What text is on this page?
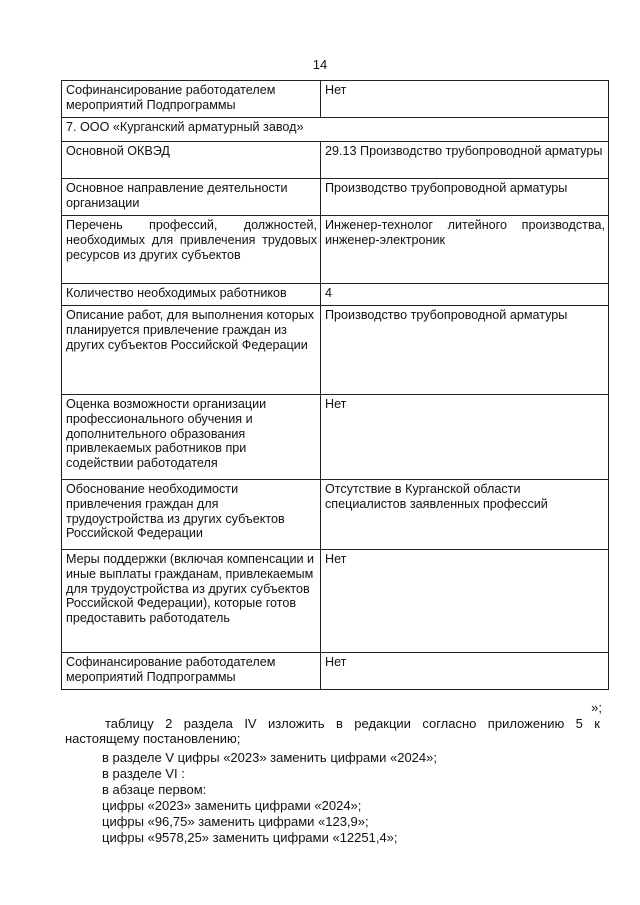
14
Софинансирование работодателем мероприятий Подпрограммы	Нет
7. ООО «Курганский арматурный завод»	
Основной ОКВЭД	29.13 Производство трубопроводной арматуры
Основное направление деятельности организации	Производство трубопроводной арматуры
Перечень профессий, должностей, необходимых для привлечения трудовых ресурсов из других субъектов	Инженер-технолог литейного производства, инженер-электроник
Количество необходимых работников	4
Описание работ, для выполнения которых планируется привлечение граждан из других субъектов Российской Федерации	Производство трубопроводной арматуры
Оценка возможности организации профессионального обучения и дополнительного образования привлекаемых работников при содействии работодателя	Нет
Обоснование необходимости привлечения граждан для трудоустройства из других субъектов Российской Федерации	Отсутствие в Курганской области специалистов заявленных профессий
Меры поддержки (включая компенсации и иные выплаты гражданам, привлекаемым для трудоустройства из других субъектов Российской Федерации), которые готов предоставить работодатель	Нет
Софинансирование работодателем мероприятий Подпрограммы	Нет
»;
таблицу 2 раздела IV изложить в редакции согласно приложению 5 к настоящему постановлению;
в разделе V цифры «2023» заменить цифрами «2024»;
в разделе VI :
в абзаце первом:
цифры «2023» заменить цифрами «2024»;
цифры «96,75» заменить цифрами «123,9»;
цифры «9578,25» заменить цифрами «12251,4»;
